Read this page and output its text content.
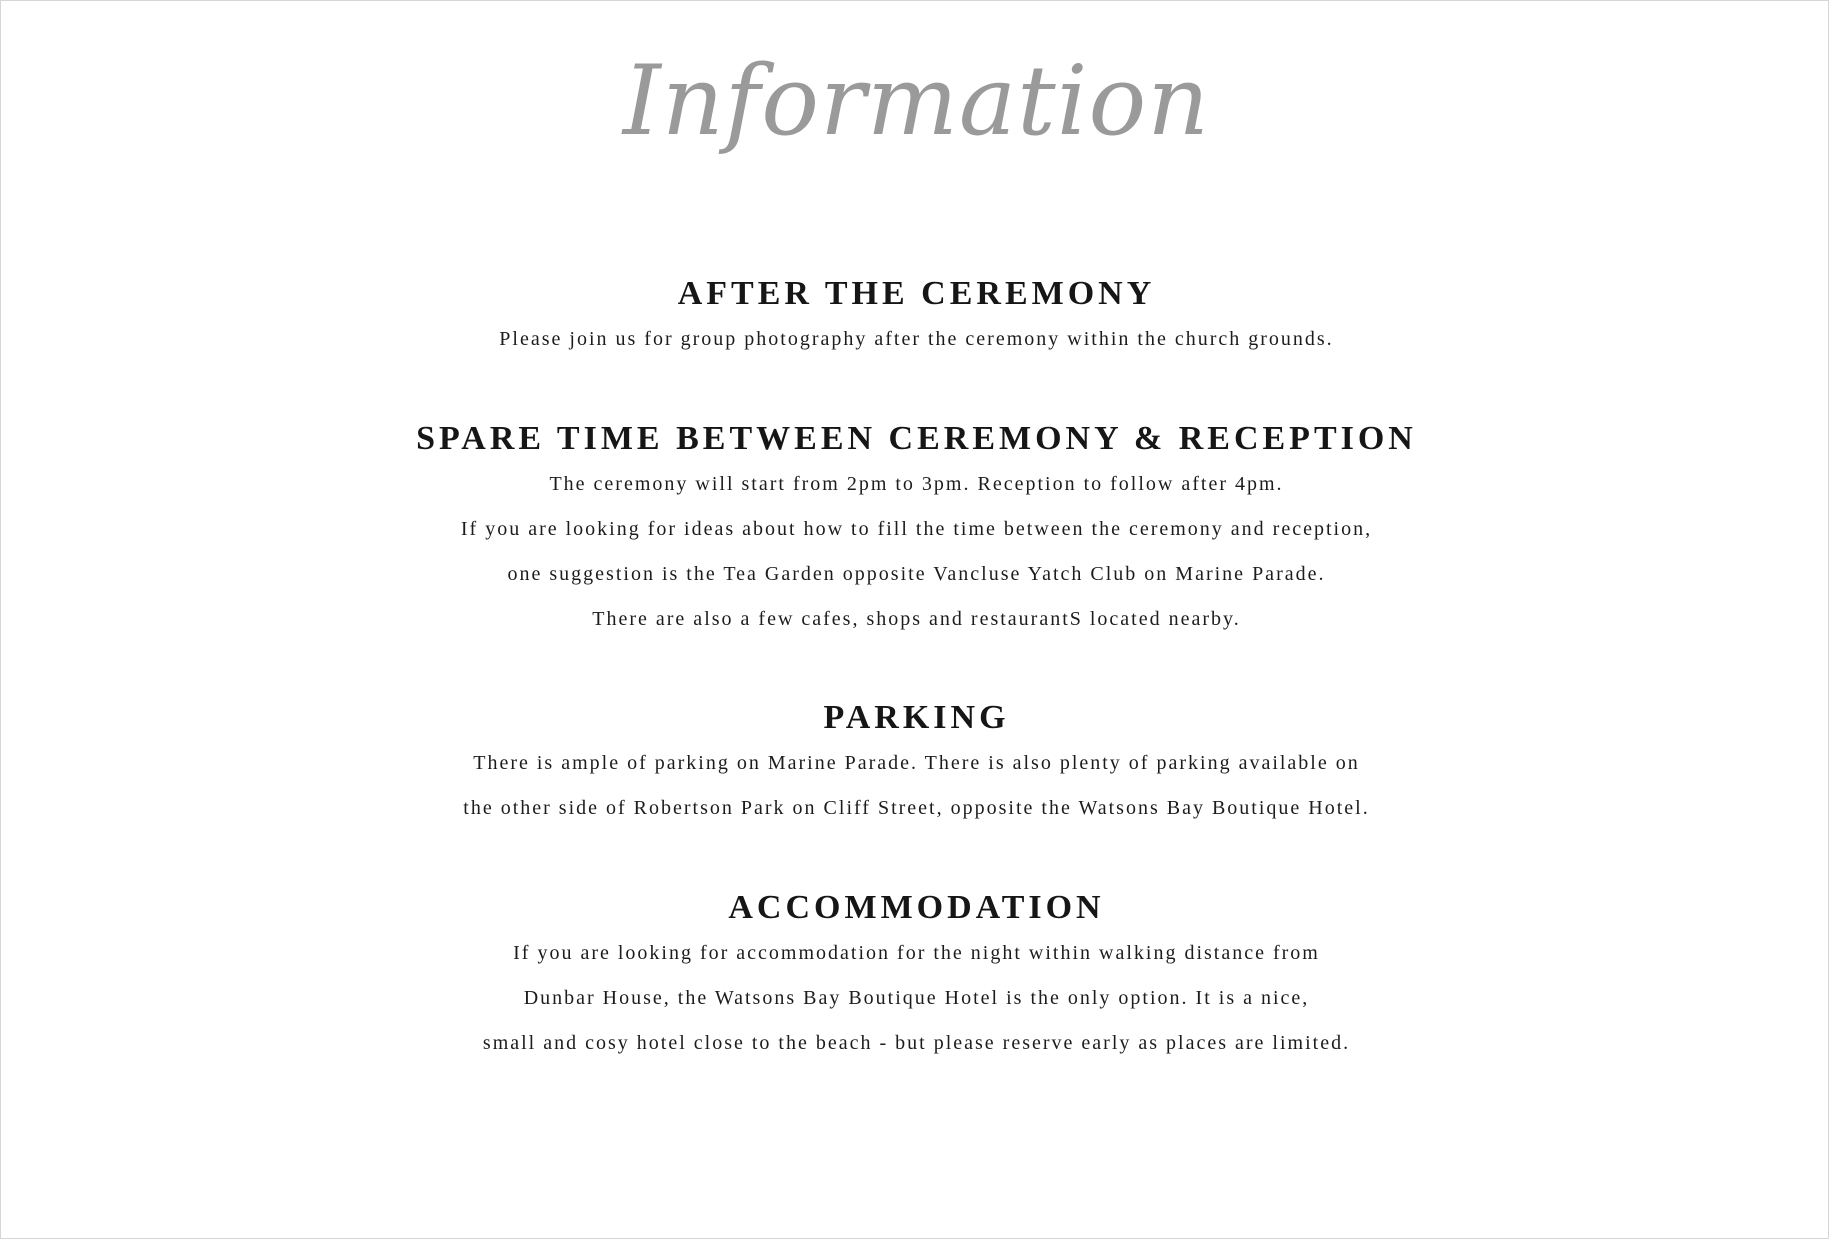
Information
AFTER THE CEREMONY
Please join us for group photography after the ceremony within the church grounds.
SPARE TIME BETWEEN CEREMONY & RECEPTION
The ceremony will start from 2pm to 3pm. Reception to follow after 4pm.
If you are looking for ideas about how to fill the time between the ceremony and reception,
one suggestion is the Tea Garden opposite Vancluse Yatch Club on Marine Parade.
There are also a few cafes, shops and restaurantS located nearby.
PARKING
There is ample of parking on Marine Parade. There is also plenty of parking available on
the other side of Robertson Park on Cliff Street, opposite the Watsons Bay Boutique Hotel.
ACCOMMODATION
If you are looking for accommodation for the night within walking distance from
Dunbar House, the Watsons Bay Boutique Hotel is the only option. It is a nice,
small and cosy hotel close to the beach - but please reserve early as places are limited.
